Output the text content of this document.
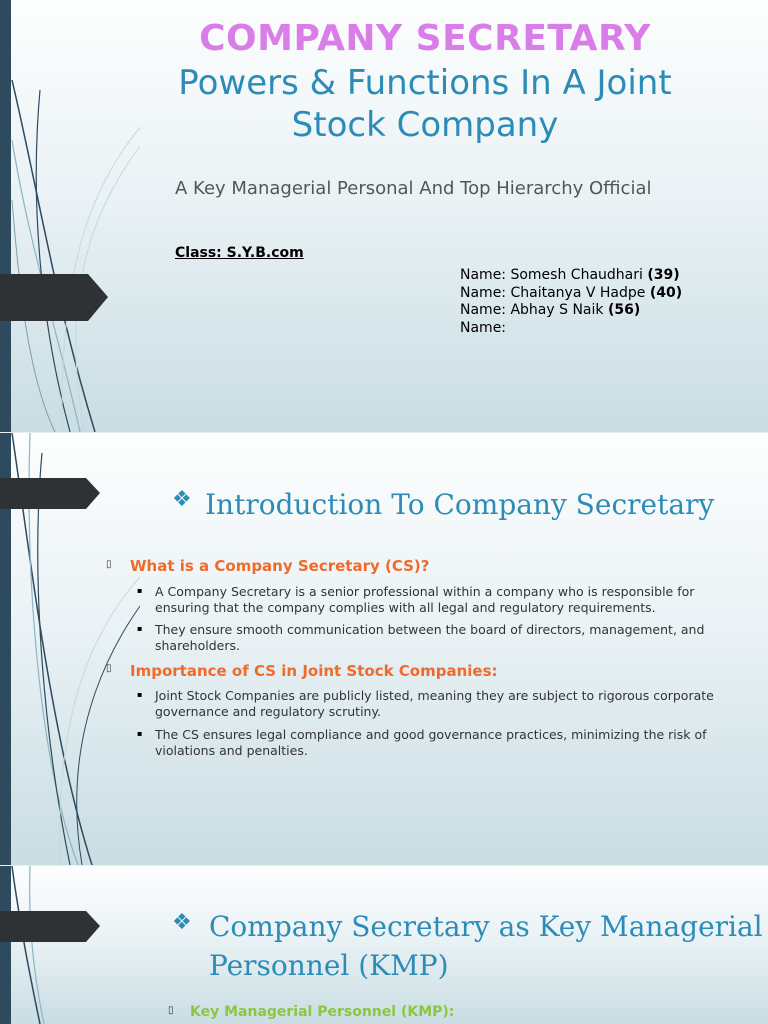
COMPANY SECRETARY

Powers & Functions In A Joint

Stock Company

A Key Managerial Personal And Top Hierarchy Official

Class: S.Y.B.com

Name: Somesh Chaudhari (39)
Name: Chaitanya V Hadpe (40)
Name: Abhay S Naik (56)
Name:
❖ Introduction To Company Secretary

▯ What is a Company Secretary (CS)?

▪ A Company Secretary is a senior professional within a company who is responsible for ensuring that the company complies with all legal and regulatory requirements.

▪ They ensure smooth communication between the board of directors, management, and shareholders.

▯ Importance of CS in Joint Stock Companies:

▪ Joint Stock Companies are publicly listed, meaning they are subject to rigorous corporate governance and regulatory scrutiny.

▪ The CS ensures legal compliance and good governance practices, minimizing the risk of violations and penalties.

❖ Company Secretary as Key Managerial

Personnel (KMP)

▯ Key Managerial Personnel (KMP):
